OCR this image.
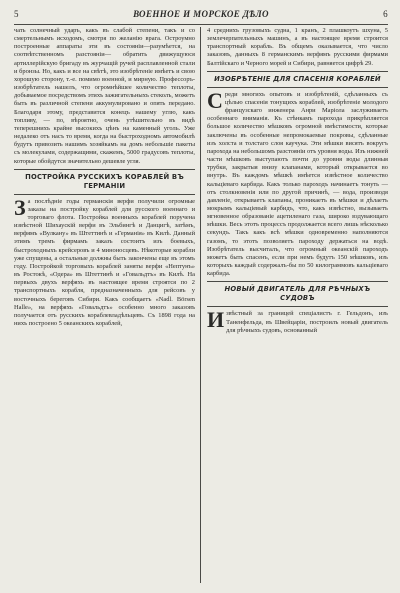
5	ВОЕННОЕ И МОРСКОЕ ДѢЛО	6

чать солнечный ударъ, какъ въ слабой степени, такъ и со смертельнымъ исходомъ, смотря по желанію врага. Остроумно построенные аппараты эти въ состояніи—разумѣется, на соотвѣтственномъ разстояніи— обратить движущуюся артиллерійскую бригаду въ журчащій ручей расплавленной стали и бронзы. Но, какъ и все на свѣтѣ, это изобрѣтеніе имѣетъ и свою хорошую сторону, т.-е. помимо военной, и мирную. Профессоръ-изобрѣтатель нашелъ, что огромнѣйшее количество теплоты, добываемое посредствомъ этихъ зажигательныхъ стеколъ, можетъ быть въ различной степени аккумулировано и опять передано. Благодаря этому, представится конецъ нашему углю, какъ топливу, — по, вѣроятно, очень утѣшительно въ видѣ теперешнихъ крайне высокихъ цѣнъ на каменный уголь. Уже недалеко отъ насъ то время, когда на быстроходномъ автомобилѣ будутъ привозить нашимъ хозяйкамъ на домъ небольшіе пакеты съ молекулами, содержащими, скажемъ, 5000 градусовъ теплоты, которые обойдутся значительно дешевле угля.

ПОСТРОЙКА РУССКИХЪ КОРАБЛЕЙ ВЪ ГЕРМАНІИ

За послѣдніе годы германскія верфи получили огромные заказы на постройку кораблей для русского военнаго и торговаго флота. Постройка военныхъ кораблей поручена извѣстной Шихаускій верфи въ Эльбингѣ и Данцигѣ, затѣмъ, верфямъ «Вулкану» въ Штеттинѣ и «Германія» въ Килѣ. Данный этимъ тремъ фирмамъ заказъ состоитъ изъ боевыхъ, быстроходныхъ крейсеровъ и 4 миноносцевъ. Нѣкоторые корабли уже спущены, а остальные должны быть закончены еще въ этомъ году. Постройкой торговыхъ кораблей заняты верфи «Нептунъ» въ Ростокѣ, «Одера» въ Штеттинѣ и «Говальдтъ» въ Килѣ. На первыхъ двухъ верфяхъ въ настоящее время строятся по 2 транспортныхъ корабля, предназначенныхъ для рейсовъ у восточныхъ береговъ Сибири. Какъ сообщаетъ «Nadl. Börsen Halle», на верфяхъ «Говальдтъ» особенно много заказовъ получается отъ русскихъ кораблевладѣльцевъ. Съ 1898 года на нихъ построено 5 океанскихъ кораблей,

4 среднихъ грузовыхъ судна, 1 кранъ, 2 плашкоутъ шхуна, 5 землечерпательныхъ машинъ, а въ настоящее время строится транспортный корабль. Въ общемъ оказывается, что число заказовъ, данныхъ 8 германскимъ верфямъ русскими фирмами Балтійскаго и Черного морей и Сибири, равняется цифрѣ 29.

ИЗОБРѢТЕНІЕ ДЛЯ СПАСЕНІЯ КОРАБЛЕЙ

Среди многихъ опытовъ и изобрѣтеній, сдѣланныхъ съ цѣлью спасенія тонущихъ кораблей, изобрѣтеніе молодого французскаго инженера Анри Марiола заслуживаетъ особеннаго вниманія. Къ стѣнкамъ парохода прикрѣпляется большое количество мѣшковъ огромной вмѣстимости, которые заключены въ особенные непромокаемые покровы, сдѣланные изъ холста и толстаго слоя каучука. Эти мѣшки висятъ вокругъ парохода на небольшомъ разстояніи отъ уровня воды. Изъ нижней части мѣшковъ выступаютъ почти до уровня воды длинныя трубки, закрытыя внизу клапанами, который открывается во внутрь. Въ каждомъ мѣшкѣ имѣется извѣстное количество кальціеваго карбида. Какъ только пароходъ начинаетъ тонуть — отъ столкновенія или по другой причинѣ, — вода, производя давленіе, открываетъ клапаны, проникаетъ въ мѣшки и дѣлаетъ мокрымъ кальціевый карбидъ, что, какъ извѣстно, вызываетъ мгновенное образованіе ацетиленаго газа, широко вздувающаго мѣшки. Весь этотъ процессъ продолжается всего лишь нѣсколько секундъ. Такъ какъ всѣ мѣшки одновременно наполняются газомъ, то этотъ позволяетъ пароходу держаться на водѣ. Изобрѣтатель высчиталъ, что огромный океанскій пароходъ можетъ быть спасенъ, если при немъ будутъ 150 мѣшковъ, изъ которыхъ каждый содержалъ-бы по 50 килограммовъ кальціеваго карбида.

НОВЫЙ ДВИГАТЕЛЬ ДЛЯ РѢЧНЫХЪ СУДОВЪ

Извѣстный за границей спеціалистъ г. Гельдонъ, изъ Таненфельда, въ Швейцаріи, построилъ новый двигатель для рѣчныхъ судовъ, основанный
